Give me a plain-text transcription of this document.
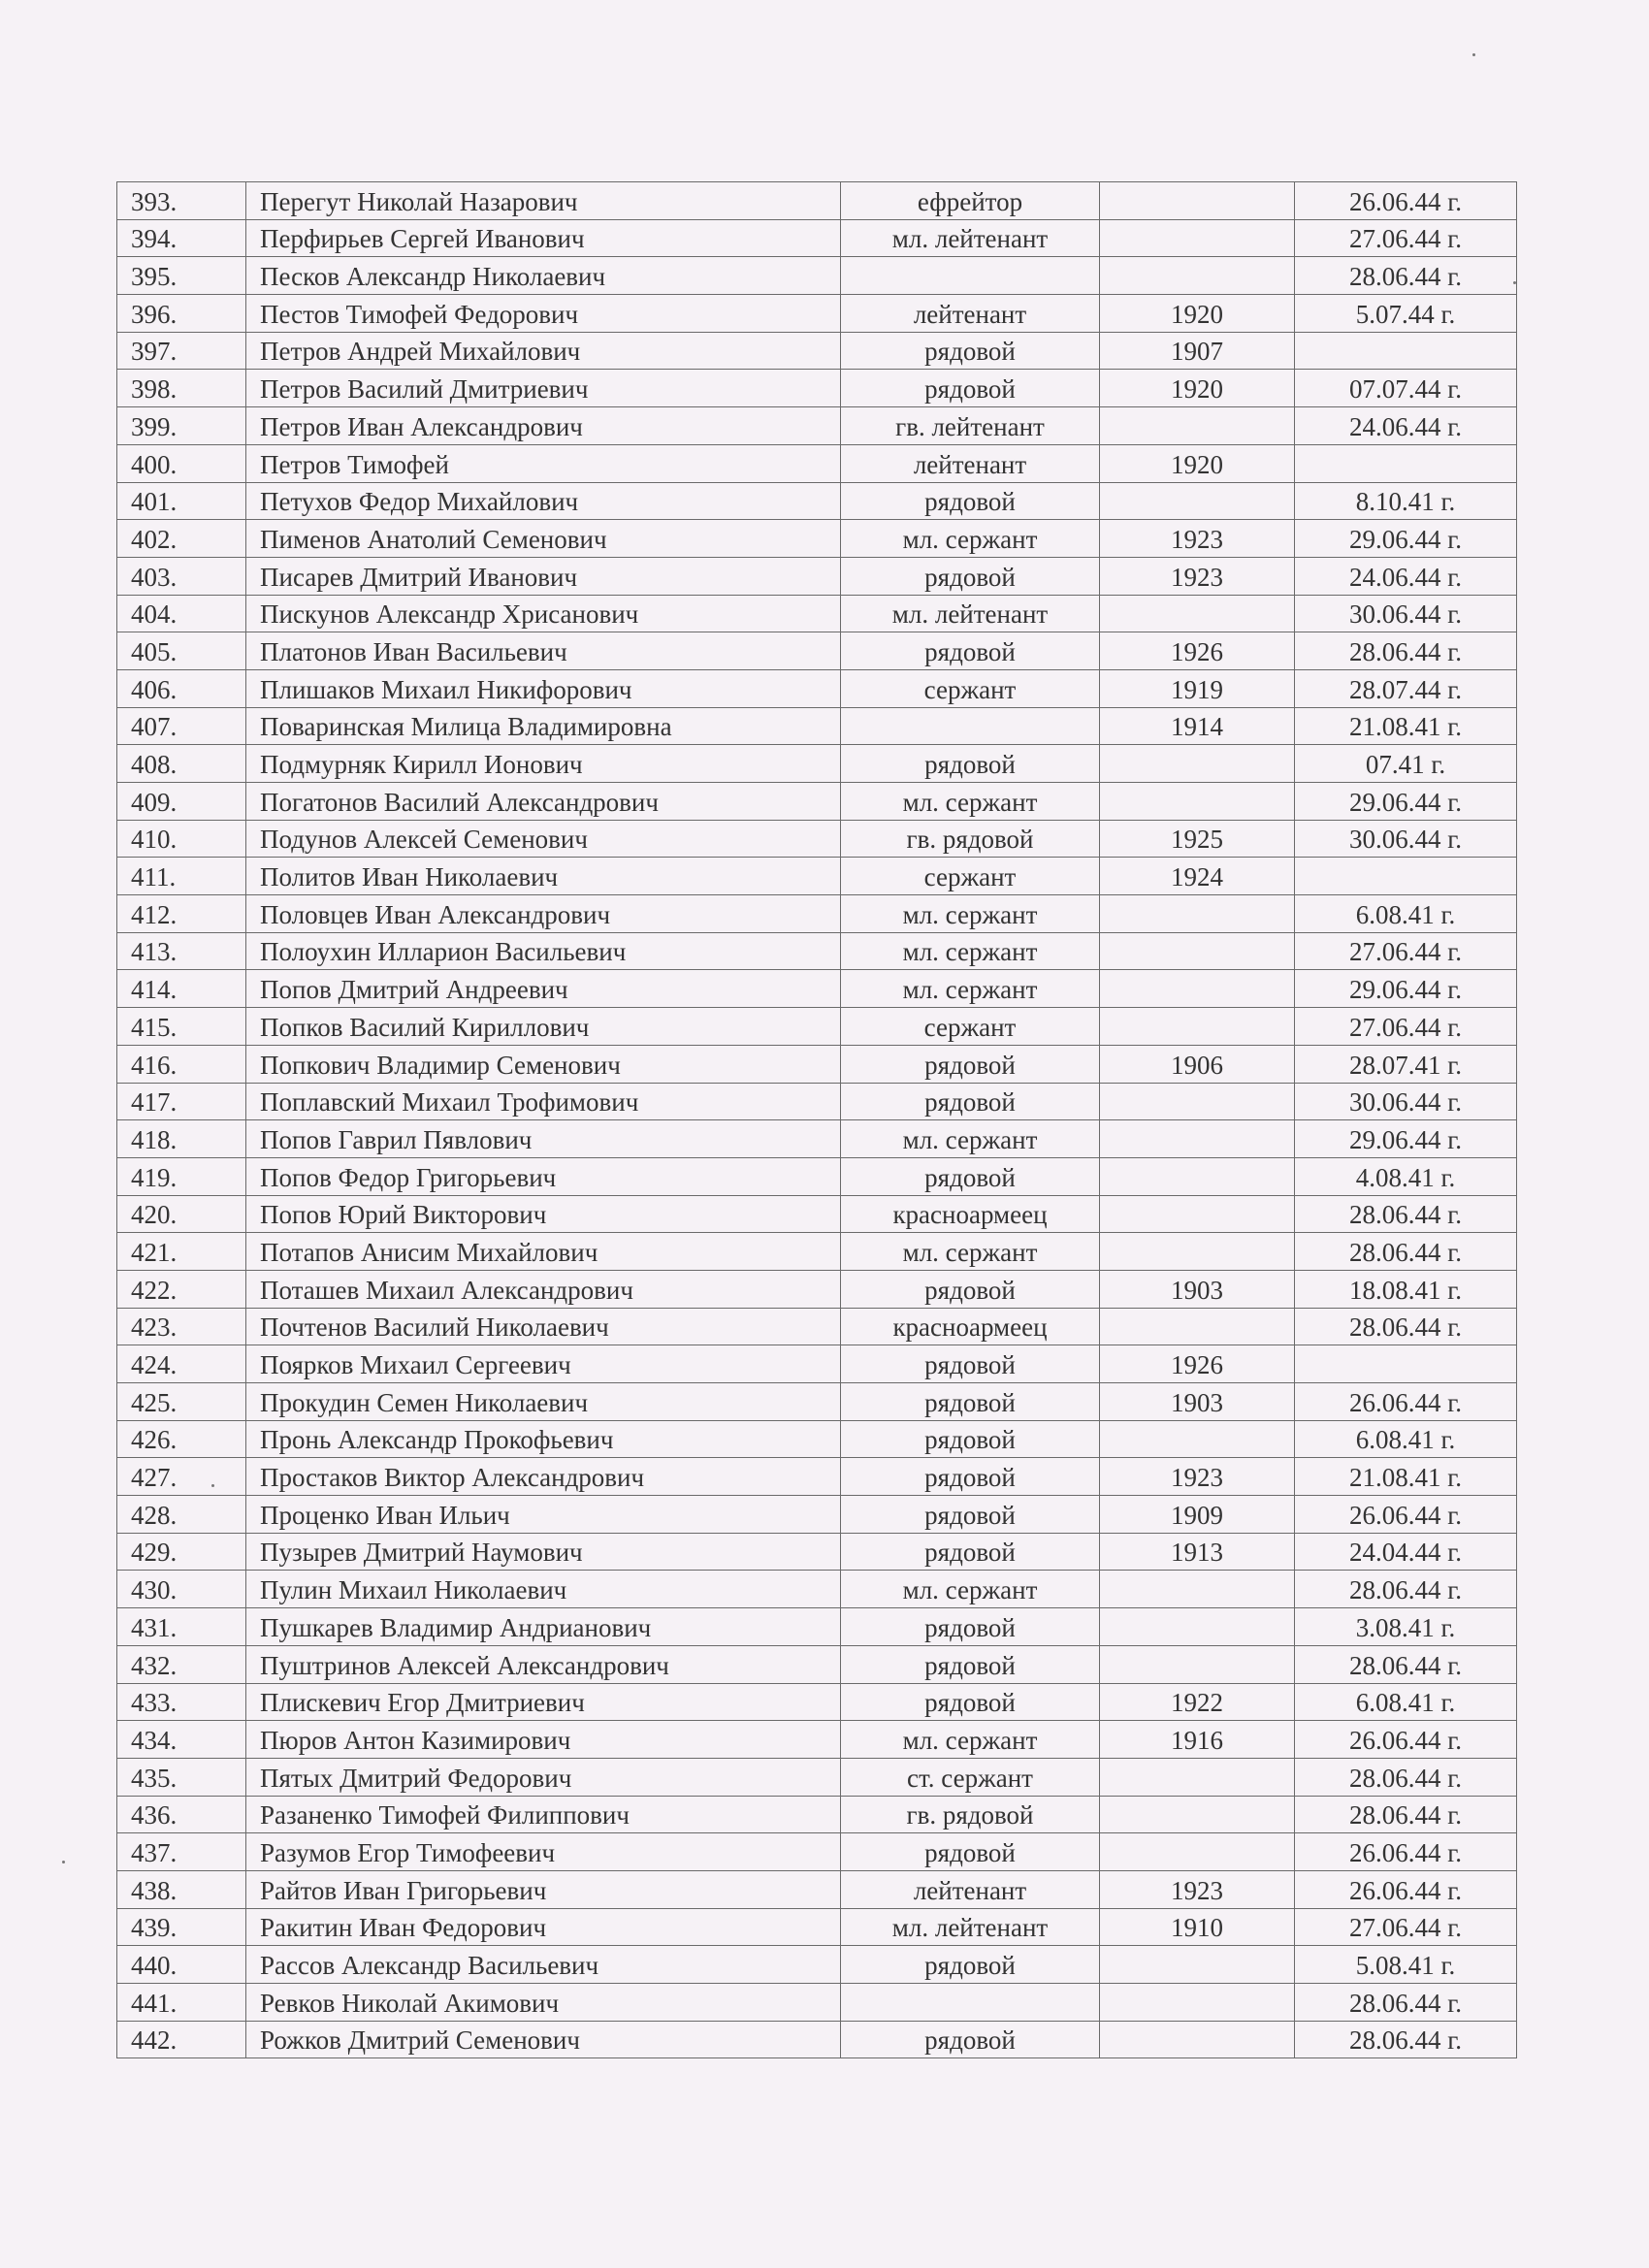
393.	Перегут Николай Назарович	ефрейтор		26.06.44 г.
394.	Перфирьев Сергей Иванович	мл. лейтенант		27.06.44 г.
395.	Песков Александр Николаевич			28.06.44 г.
396.	Пестов Тимофей Федорович	лейтенант	1920	5.07.44 г.
397.	Петров Андрей Михайлович	рядовой	1907	
398.	Петров Василий Дмитриевич	рядовой	1920	07.07.44 г.
399.	Петров Иван Александрович	гв. лейтенант		24.06.44 г.
400.	Петров Тимофей	лейтенант	1920	
401.	Петухов Федор Михайлович	рядовой		8.10.41 г.
402.	Пименов Анатолий Семенович	мл. сержант	1923	29.06.44 г.
403.	Писарев Дмитрий Иванович	рядовой	1923	24.06.44 г.
404.	Пискунов Александр Хрисанович	мл. лейтенант		30.06.44 г.
405.	Платонов Иван Васильевич	рядовой	1926	28.06.44 г.
406.	Плишаков Михаил Никифорович	сержант	1919	28.07.44 г.
407.	Поваринская Милица Владимировна		1914	21.08.41 г.
408.	Подмурняк Кирилл Ионович	рядовой		07.41 г.
409.	Погатонов Василий Александрович	мл. сержант		29.06.44 г.
410.	Подунов Алексей Семенович	гв. рядовой	1925	30.06.44 г.
411.	Политов Иван Николаевич	сержант	1924	
412.	Половцев Иван Александрович	мл. сержант		6.08.41 г.
413.	Полоухин Илларион Васильевич	мл. сержант		27.06.44 г.
414.	Попов Дмитрий Андреевич	мл. сержант		29.06.44 г.
415.	Попков Василий Кириллович	сержант		27.06.44 г.
416.	Попкович Владимир Семенович	рядовой	1906	28.07.41 г.
417.	Поплавский Михаил Трофимович	рядовой		30.06.44 г.
418.	Попов Гаврил Пявлович	мл. сержант		29.06.44 г.
419.	Попов Федор Григорьевич	рядовой		4.08.41 г.
420.	Попов Юрий Викторович	красноармеец		28.06.44 г.
421.	Потапов Анисим Михайлович	мл. сержант		28.06.44 г.
422.	Поташев Михаил Александрович	рядовой	1903	18.08.41 г.
423.	Почтенов Василий Николаевич	красноармеец		28.06.44 г.
424.	Поярков Михаил Сергеевич	рядовой	1926	
425.	Прокудин Семен Николаевич	рядовой	1903	26.06.44 г.
426.	Пронь Александр Прокофьевич	рядовой		6.08.41 г.
427.	Простаков Виктор Александрович	рядовой	1923	21.08.41 г.
428.	Проценко Иван Ильич	рядовой	1909	26.06.44 г.
429.	Пузырев Дмитрий Наумович	рядовой	1913	24.04.44 г.
430.	Пулин Михаил Николаевич	мл. сержант		28.06.44 г.
431.	Пушкарев Владимир Андрианович	рядовой		3.08.41 г.
432.	Пуштринов Алексей Александрович	рядовой		28.06.44 г.
433.	Плискевич Егор Дмитриевич	рядовой	1922	6.08.41 г.
434.	Пюров Антон Казимирович	мл. сержант	1916	26.06.44 г.
435.	Пятых Дмитрий Федорович	ст. сержант		28.06.44 г.
436.	Разаненко Тимофей Филиппович	гв. рядовой		28.06.44 г.
437.	Разумов Егор Тимофеевич	рядовой		26.06.44 г.
438.	Райтов Иван Григорьевич	лейтенант	1923	26.06.44 г.
439.	Ракитин Иван Федорович	мл. лейтенант	1910	27.06.44 г.
440.	Рассов Александр Васильевич	рядовой		5.08.41 г.
441.	Ревков Николай Акимович			28.06.44 г.
442.	Рожков Дмитрий Семенович	рядовой		28.06.44 г.
